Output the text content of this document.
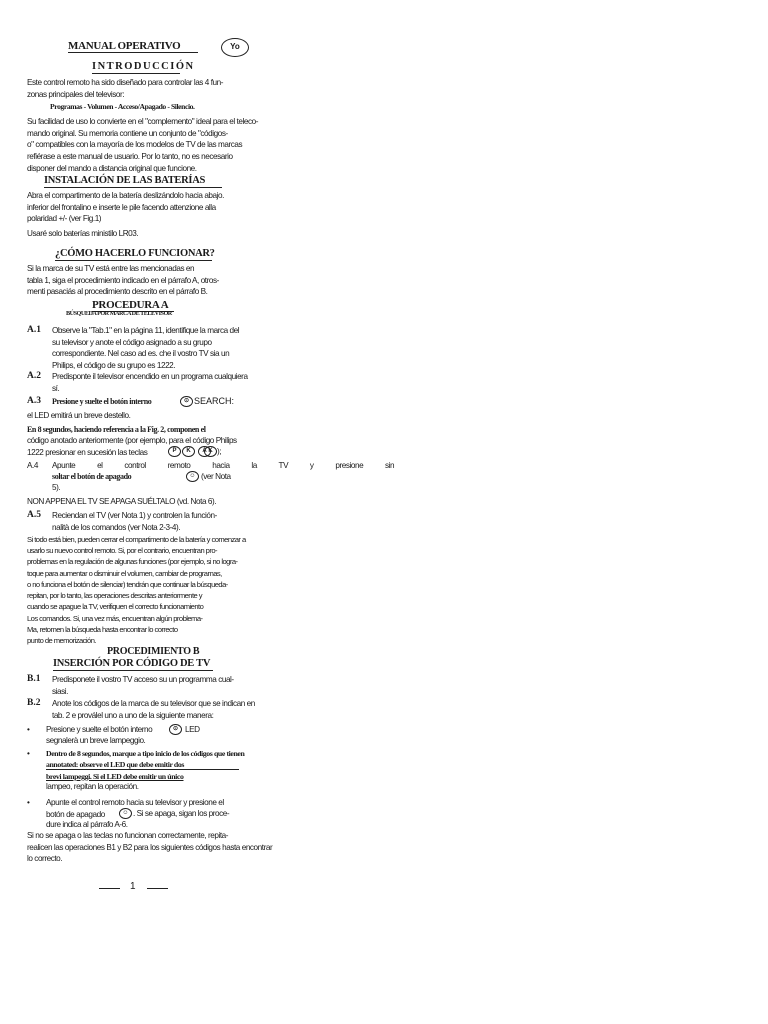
MANUAL OPERATIVO	Yo
INTRODUCCIÓN
Este control remoto ha sido diseñado para controlar las 4 fun-
zonas principales del televisor:
Programas - Volumen - Acceso/Apagado - Silencio.
Su facilidad de uso lo convierte en el "complemento" ideal para el teleco-
mando original. Su memoria contiene un conjunto de "códigos-
o" compatibles con la mayoría de los modelos de TV de las marcas
refiérase a este manual de usuario. Por lo tanto, no es necesario
disponer del mando a distancia original que funcione.
INSTALACIÓN DE LAS BATERÍAS
Abra el compartimento de la batería deslizándolo hacia abajo.
inferior del frontalino e inserte le pile facendo attenzione alla
polaridad +/- (ver Fig.1)
Usaré solo baterías ministilo LR03.
¿CÓMO HACERLO FUNCIONAR?
Si la marca de su TV está entre las mencionadas en
tabla 1, siga el procedimiento indicado en el párrafo A, otros-
menti pasaciás al procedimiento descrito en el párrafo B.
PROCEDURA A
BÚSQUEDA POR MARCA DE TELEVISOR
A.1 Observe la "Tab.1" en la página 11, identifique la marca del
su televisor y anote el código asignado a su grupo
correspondiente. Nel caso ad es. che il vostro TV sia un
Philips, el código de su grupo es 1222.
A.2 Predisponte il televisor encendido en un programa cualquiera
sí.
A.3 Presione y suelte el botón interno	⊙ SEARCH:
el LED emitirá un breve destello.
En 8 segundos, haciendo referencia a la Fig. 2, componen el
código anotado anteriormente (por ejemplo, para el código Philips
1222 presionar en sucesión las teclas	P	K	A K );
A.4 Apunte el control remoto hacia la TV y presione sin
soltar el botón de apagado	☺ (ver Nota
5).
NON APPENA EL TV SE APAGA SUÉLTALO (vd. Nota 6).
A.5 Reciendan el TV (ver Nota 1) y controlen la función-
nalità de los comandos (ver Nota 2-3-4).
Si todo está bien, pueden cerrar el compartimento de la batería y comenzar a
usarlo su nuevo control remoto. Si, por el contrario, encuentran pro-
problemas en la regulación de algunas funciones (por ejemplo, si no logra-
toque para aumentar o disminuir el volumen, cambiar de programas,
o no funciona el botón de silenciar) tendrán que continuar la búsqueda-
repitan, por lo tanto, las operaciones descritas anteriormente y
cuando se apague la TV, verifiquen el correcto funcionamiento
Los comandos. Si, una vez más, encuentran algún problema-
Ma, retomen la búsqueda hasta encontrar lo correcto
punto de memorización.
PROCEDIMIENTO B
INSERCIÓN POR CÓDIGO DE TV
B.1 Predisponete il vostro TV acceso su un programma cual-
siasi.
B.2 Anote los códigos de la marca de su televisor que se indican en
tab. 2 e proválel uno a uno de la siguiente manera:
• Presione y suelte el botón interno	⊙ LED
segnalerà un breve lampeggio.
• Dentro de 8 segundos, marque a tipo inicio de los códigos que tienen
annotated: observe el LED que debe emitir dos
brevi lampeggi. Si el LED debe emitir un único
lampeo, repitan la operación.
• Apunte el control remoto hacia su televisor y presione el
botón de apagado	☺ . Si se apaga, sigan los proce-
dure indica al párrafo A-6.
Si no se apaga o las teclas no funcionan correctamente, repita-
realicen las operaciones B1 y B2 para los siguientes códigos hasta encontrar
lo correcto.
1
